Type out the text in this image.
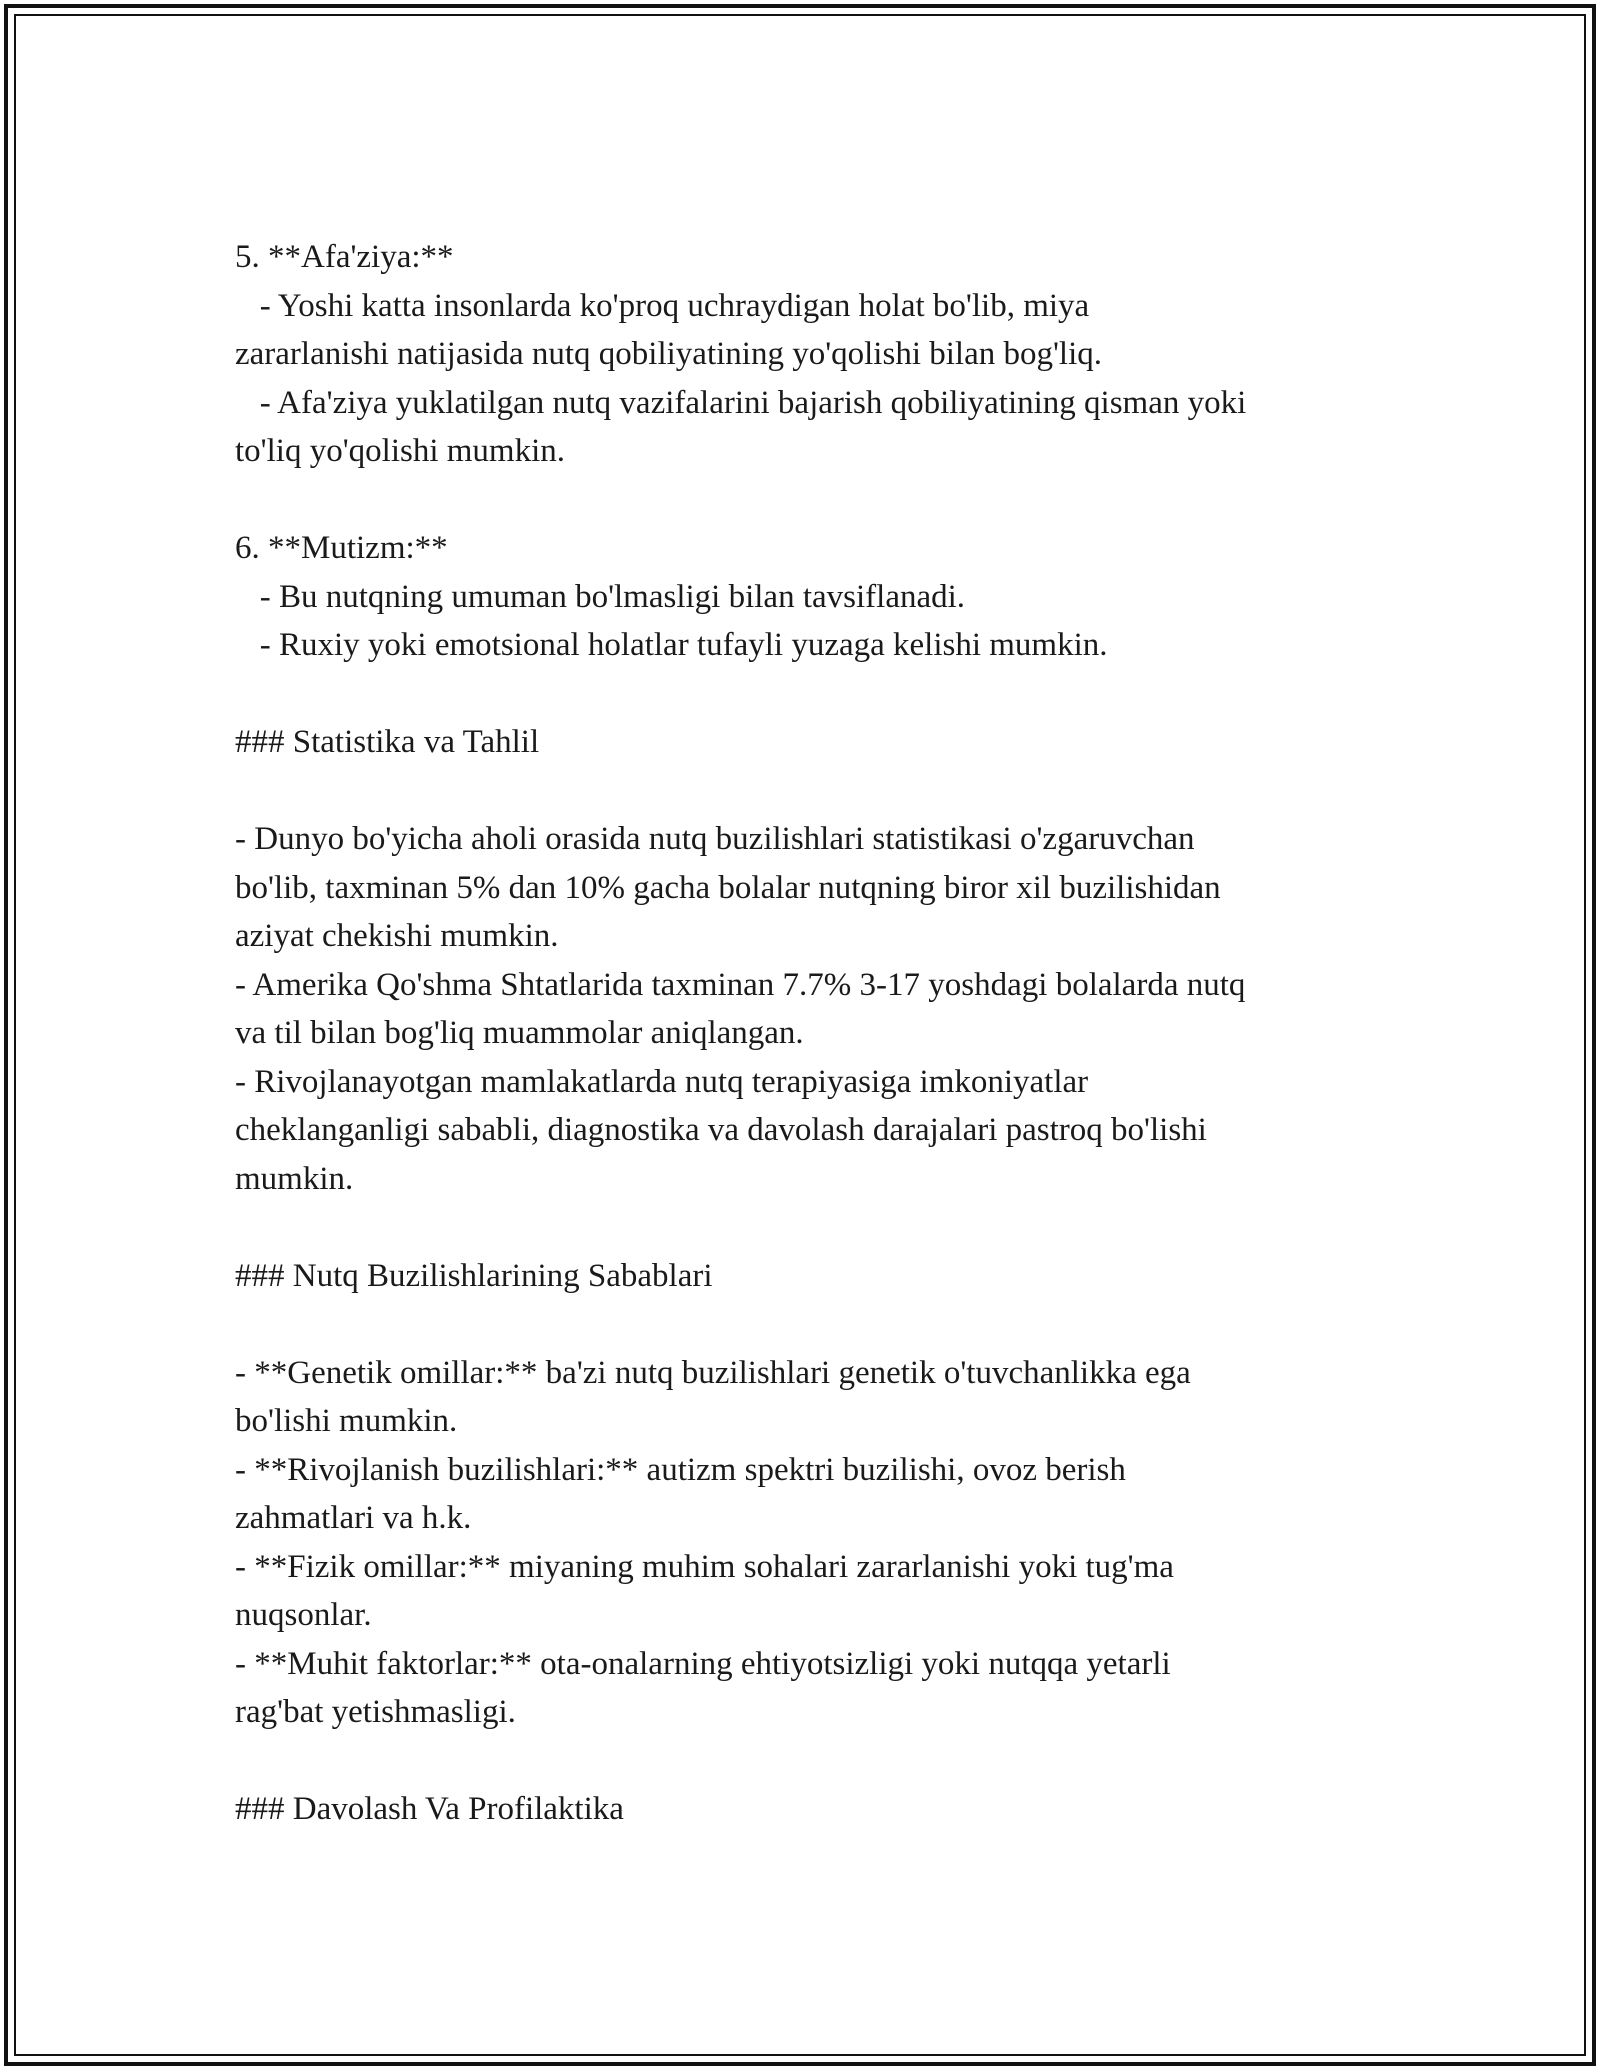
5. **Afa'ziya:**
- Yoshi katta insonlarda ko'proq uchraydigan holat bo'lib, miya
zararlanishi natijasida nutq qobiliyatining yo'qolishi bilan bog'liq.
- Afa'ziya yuklatilgan nutq vazifalarini bajarish qobiliyatining qisman yoki
to'liq yo'qolishi mumkin.
6. **Mutizm:**
- Bu nutqning umuman bo'lmasligi bilan tavsiflanadi.
- Ruxiy yoki emotsional holatlar tufayli yuzaga kelishi mumkin.
### Statistika va Tahlil
- Dunyo bo'yicha aholi orasida nutq buzilishlari statistikasi o'zgaruvchan
bo'lib, taxminan 5% dan 10% gacha bolalar nutqning biror xil buzilishidan
aziyat chekishi mumkin.
- Amerika Qo'shma Shtatlarida taxminan 7.7% 3-17 yoshdagi bolalarda nutq
va til bilan bog'liq muammolar aniqlangan.
- Rivojlanayotgan mamlakatlarda nutq terapiyasiga imkoniyatlar
cheklanganligi sababli, diagnostika va davolash darajalari pastroq bo'lishi
mumkin.
### Nutq Buzilishlarining Sabablari
- **Genetik omillar:** ba'zi nutq buzilishlari genetik o'tuvchanlikka ega
bo'lishi mumkin.
- **Rivojlanish buzilishlari:** autizm spektri buzilishi, ovoz berish
zahmatlari va h.k.
- **Fizik omillar:** miyaning muhim sohalari zararlanishi yoki tug'ma
nuqsonlar.
- **Muhit faktorlar:** ota-onalarning ehtiyotsizligi yoki nutqqa yetarli
rag'bat yetishmasligi.
### Davolash Va Profilaktika
